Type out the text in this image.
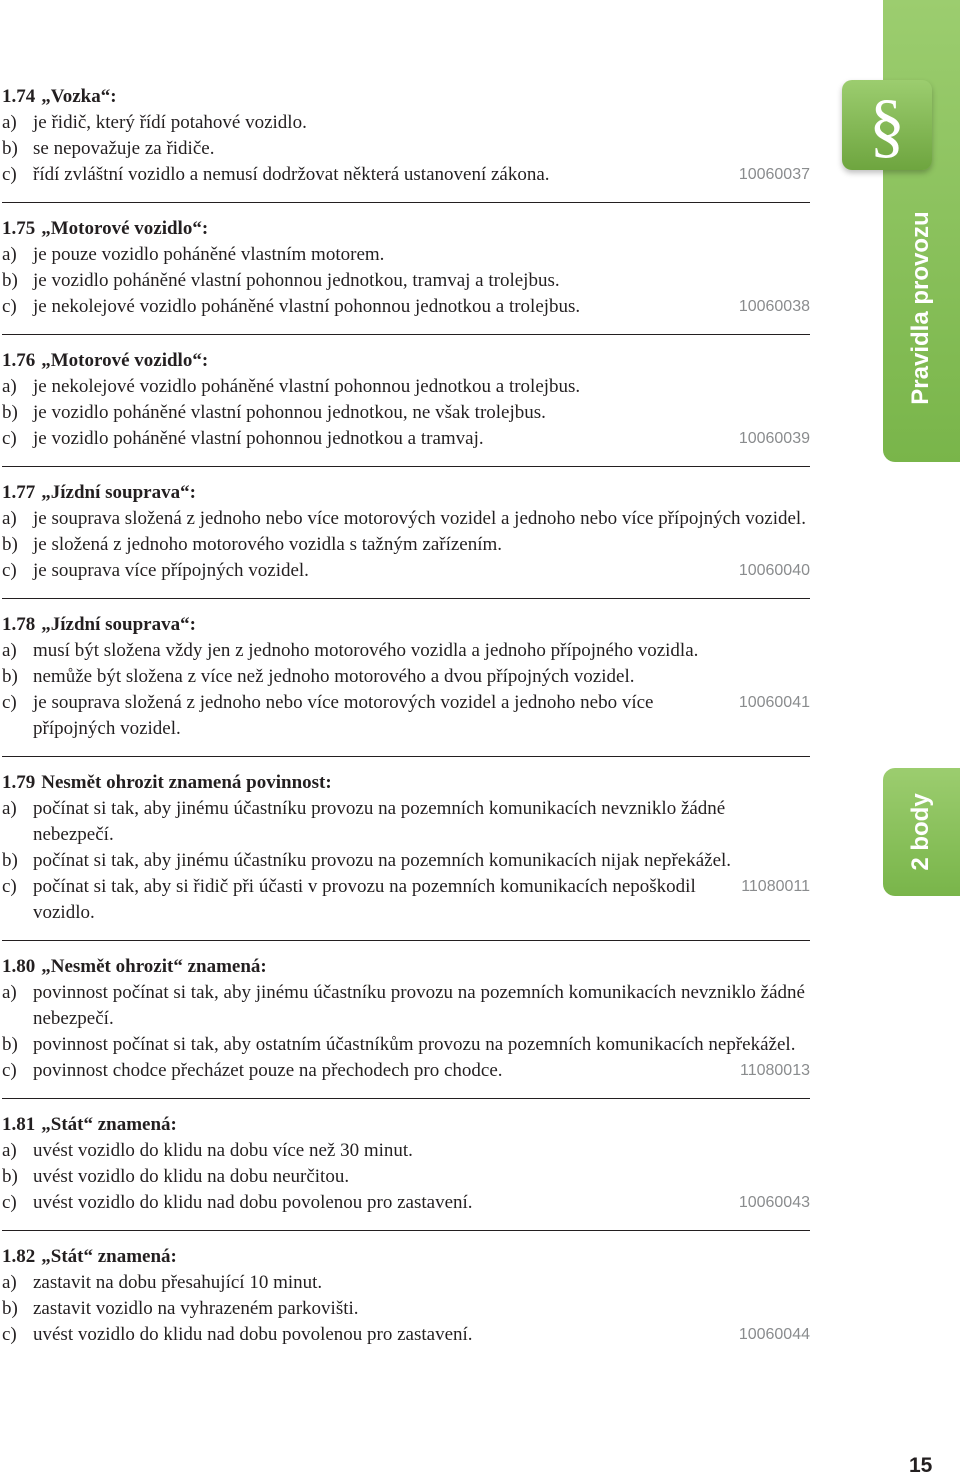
§
Pravidla provozu
2 body
1.74 „Vozka“:
a) je řidič, který řídí potahové vozidlo.
b) se nepovažuje za řidiče.
c)	10060037
řídí zvláštní vozidlo a nemusí dodržovat některá ustanovení zákona.
1.75 „Motorové vozidlo“:
a) je pouze vozidlo poháněné vlastním motorem.
b) je vozidlo poháněné vlastní pohonnou jednotkou, tramvaj a trolejbus.
c)	10060038
je nekolejové vozidlo poháněné vlastní pohonnou jednotkou a trolejbus.
1.76 „Motorové vozidlo“:
a) je nekolejové vozidlo poháněné vlastní pohonnou jednotkou a trolejbus.
b) je vozidlo poháněné vlastní pohonnou jednotkou, ne však trolejbus.
c)	10060039
je vozidlo poháněné vlastní pohonnou jednotkou a tramvaj.
1.77 „Jízdní souprava“:
a) je souprava složená z jednoho nebo více motorových vozidel a jednoho nebo více přípojných vozidel.
b) je složená z jednoho motorového vozidla s tažným zařízením.
c)	10060040
je souprava více přípojných vozidel.
1.78 „Jízdní souprava“:
a) musí být složena vždy jen z jednoho motorového vozidla a jednoho přípojného vozidla.
b) nemůže být složena z více než jednoho motorového a dvou přípojných vozidel.
c)	10060041
je souprava složená z jednoho nebo více motorových vozidel a jednoho nebo více přípojných vozidel.
1.79 Nesmět ohrozit znamená povinnost:
a) počínat si tak, aby jinému účastníku provozu na pozemních komunikacích nevzniklo žádné nebezpečí.
b) počínat si tak, aby jinému účastníku provozu na pozemních komunikacích nijak nepřekážel.
c)	11080011
počínat si tak, aby si řidič při účasti v provozu na pozemních komunikacích nepoškodil vozidlo.
1.80 „Nesmět ohrozit“ znamená:
a) povinnost počínat si tak, aby jinému účastníku provozu na pozemních komunikacích nevzniklo žádné nebezpečí.
b) povinnost počínat si tak, aby ostatním účastníkům provozu na pozemních komunikacích nepřekážel.
c)	11080013
povinnost chodce přecházet pouze na přechodech pro chodce.
1.81 „Stát“ znamená:
a) uvést vozidlo do klidu na dobu více než 30 minut.
b) uvést vozidlo do klidu na dobu neurčitou.
c)	10060043
uvést vozidlo do klidu nad dobu povolenou pro zastavení.
1.82 „Stát“ znamená:
a) zastavit na dobu přesahující 10 minut.
b) zastavit vozidlo na vyhrazeném parkovišti.
c)	10060044
uvést vozidlo do klidu nad dobu povolenou pro zastavení.
15
